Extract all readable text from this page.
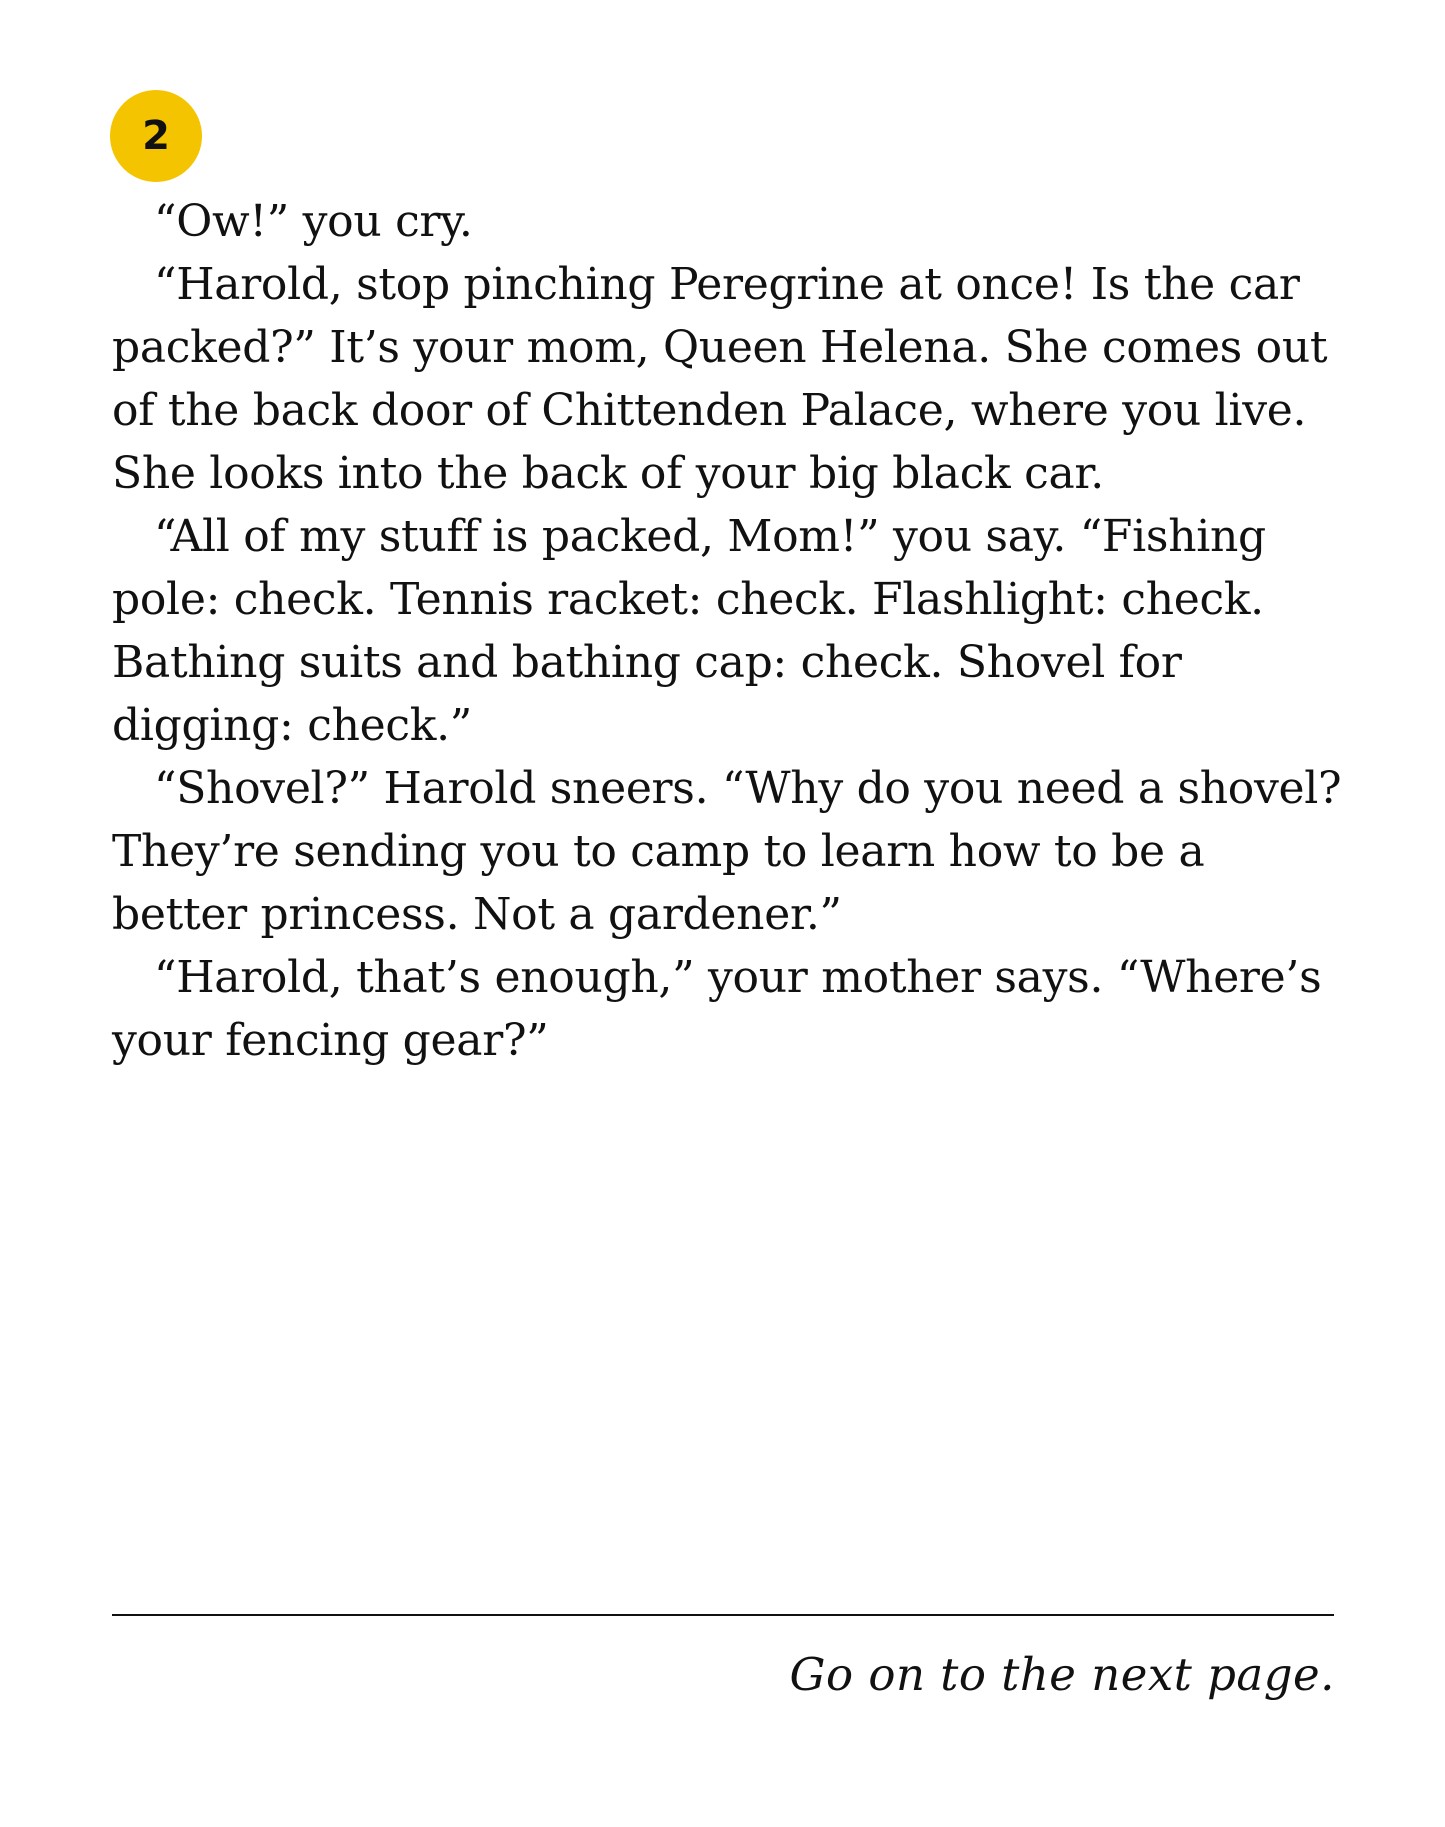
2

“Ow!” you cry.

“Harold, stop pinching Peregrine at once! Is the car packed?” It’s your mom, Queen Helena. She comes out of the back door of Chittenden Palace, where you live. She looks into the back of your big black car.

“All of my stuff is packed, Mom!” you say. “Fishing pole: check. Tennis racket: check. Flashlight: check. Bathing suits and bathing cap: check. Shovel for digging: check.”

“Shovel?” Harold sneers. “Why do you need a shovel? They’re sending you to camp to learn how to be a better princess. Not a gardener.”

“Harold, that’s enough,” your mother says. “Where’s your fencing gear?”

Go on to the next page.
